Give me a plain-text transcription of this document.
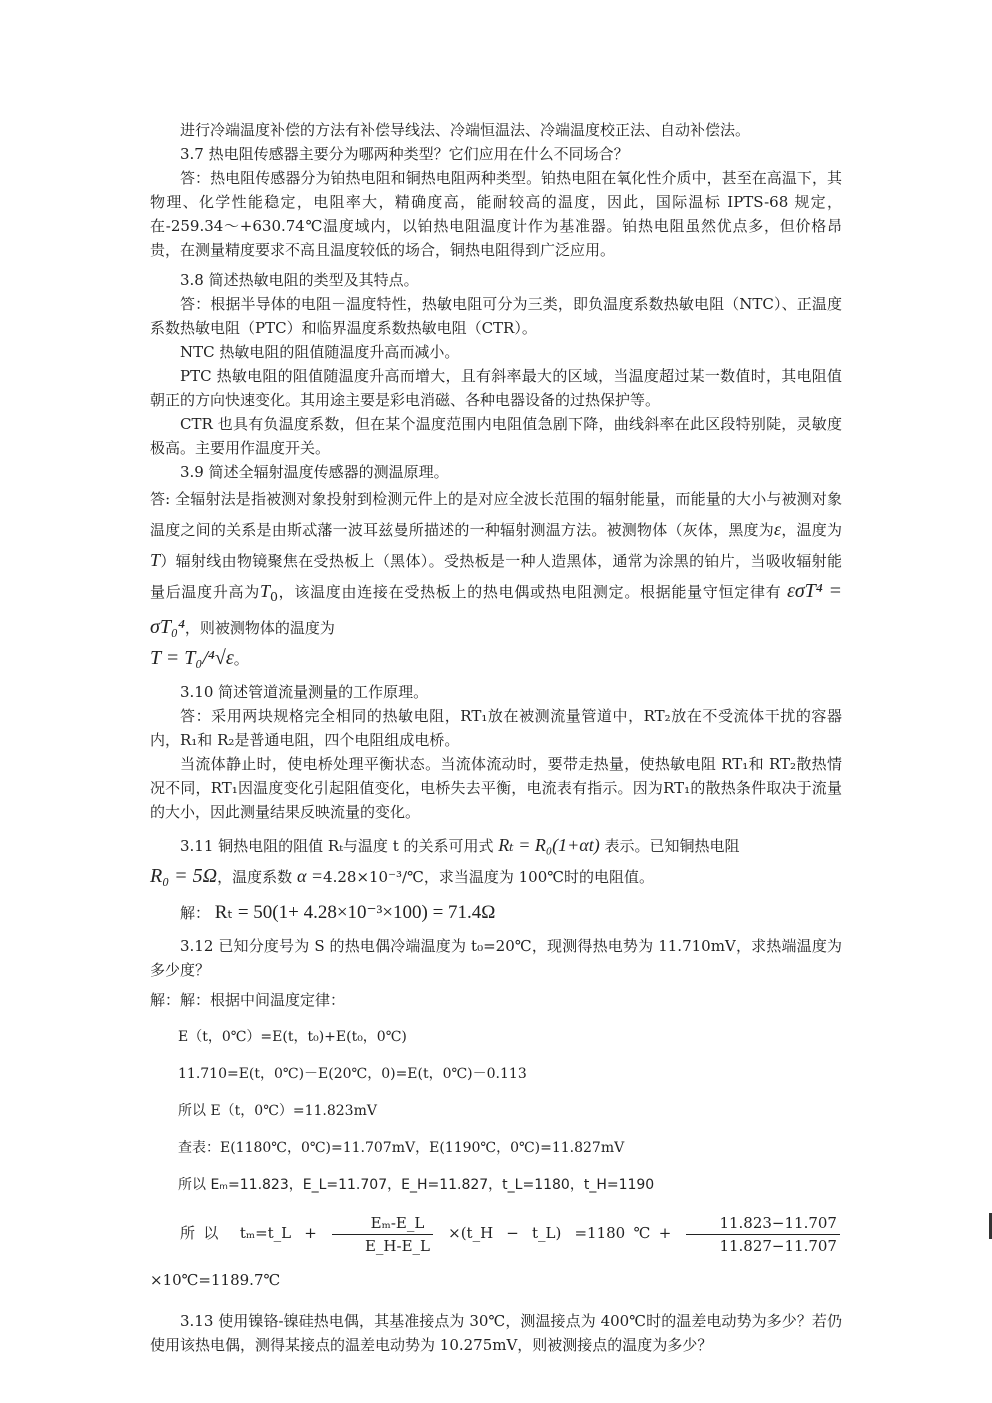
进行冷端温度补偿的方法有补偿导线法、冷端恒温法、冷端温度校正法、自动补偿法。

3.7 热电阻传感器主要分为哪两种类型？它们应用在什么不同场合？

答：热电阻传感器分为铂热电阻和铜热电阻两种类型。铂热电阻在氧化性介质中，甚至在高温下，其物理、化学性能稳定，电阻率大，精确度高，能耐较高的温度，因此，国际温标 IPTS-68 规定，在-259.34～+630.74℃温度域内，以铂热电阻温度计作为基准器。铂热电阻虽然优点多，但价格昂贵，在测量精度要求不高且温度较低的场合，铜热电阻得到广泛应用。

3.8 简述热敏电阻的类型及其特点。

答：根据半导体的电阻－温度特性，热敏电阻可分为三类，即负温度系数热敏电阻（NTC）、正温度系数热敏电阻（PTC）和临界温度系数热敏电阻（CTR）。

NTC 热敏电阻的阻值随温度升高而减小。

PTC 热敏电阻的阻值随温度升高而增大，且有斜率最大的区域，当温度超过某一数值时，其电阻值朝正的方向快速变化。其用途主要是彩电消磁、各种电器设备的过热保护等。

CTR 也具有负温度系数，但在某个温度范围内电阻值急剧下降，曲线斜率在此区段特别陡，灵敏度极高。主要用作温度开关。

3.9 简述全辐射温度传感器的测温原理。

答: 全辐射法是指被测对象投射到检测元件上的是对应全波长范围的辐射能量，而能量的大小与被测对象温度之间的关系是由斯忒藩一波耳兹曼所描述的一种辐射测温方法。被测物体（灰体，黑度为ε，温度为T）辐射线由物镜聚焦在受热板上（黑体）。受热板是一种人造黑体，通常为涂黑的铂片，当吸收辐射能量后温度升高为$T_0$，该温度由连接在受热板上的热电偶或热电阻测定。根据能量守恒定律有 εσT⁴ = σT₀⁴，则被测物体的温度为
T = T₀/⁴√ε。

3.10 简述管道流量测量的工作原理。

答：采用两块规格完全相同的热敏电阻，RT₁放在被测流量管道中，RT₂放在不受流体干扰的容器内，R₁和 R₂是普通电阻，四个电阻组成电桥。

当流体静止时，使电桥处理平衡状态。当流体流动时，要带走热量，使热敏电阻 RT₁和 RT₂散热情况不同，RT₁因温度变化引起阻值变化，电桥失去平衡，电流表有指示。因为RT₁的散热条件取决于流量的大小，因此测量结果反映流量的变化。

3.11 铜热电阻的阻值 Rₜ与温度 t 的关系可用式 Rₜ = R₀(1+αt) 表示。已知铜热电阻
R₀ = 5Ω，温度系数 α =4.28×10⁻³/℃，求当温度为 100℃时的电阻值。

解： Rₜ = 50(1+ 4.28×10⁻³×100) = 71.4Ω

3.12 已知分度号为 S 的热电偶冷端温度为 t₀=20℃，现测得热电势为 11.710mV，求热端温度为多少度？

解：解：根据中间温度定律：

E（t，0℃）=E(t，t₀)+E(t₀，0℃)

11.710=E(t，0℃)－E(20℃，0)=E(t，0℃)－0.113

所以 E（t，0℃）=11.823mV

查表：E(1180℃，0℃)=11.707mV，E(1190℃，0℃)=11.827mV

所以 Eₘ=11.823，E_L=11.707，E_H=11.827，t_L=1180，t_H=1190

所以 tₘ=t_L + $\frac{\text{Eₘ-E\_L}}{E\_H-E\_L}$ ×(t_H − t_L) =1180℃+ $\frac{11.823-11.707}{11.827-11.707}$
×10℃=1189.7℃

3.13 使用镍铬-镍硅热电偶，其基准接点为 30℃，测温接点为 400℃时的温差电动势为多少？若仍使用该热电偶，测得某接点的温差电动势为 10.275mV，则被测接点的温度为多少？
